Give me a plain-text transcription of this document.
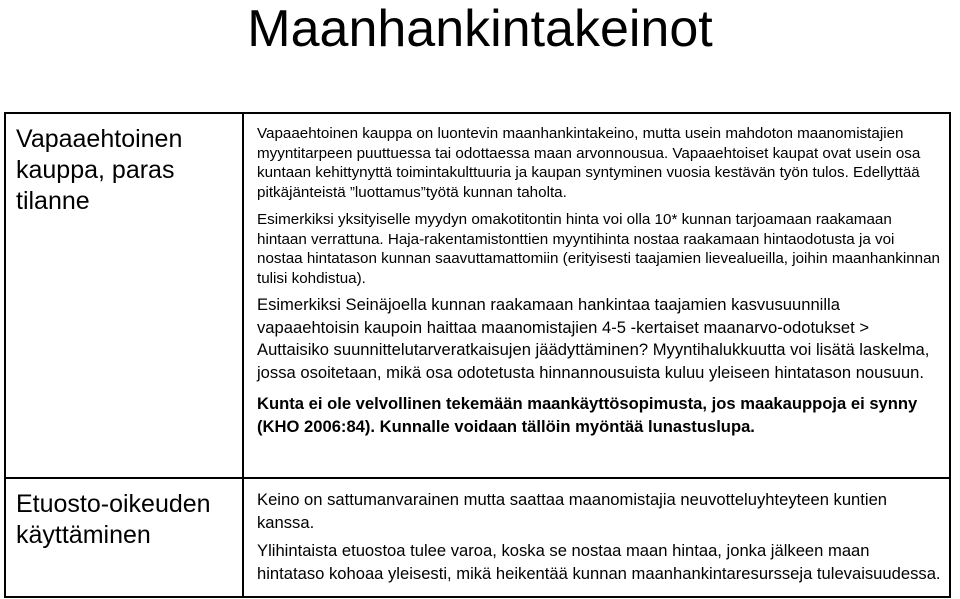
Maanhankintakeinot
Vapaaehtoinen kauppa, paras tilanne	Vapaaehtoinen kauppa on luontevin maanhankintakeino, mutta usein mahdoton maanomistajien myyntitarpeen puuttuessa tai odottaessa maan arvonnousua. Vapaaehtoiset kaupat ovat usein osa kuntaan kehittynyttä toimintakulttuuria ja kaupan syntyminen vuosia kestävän työn tulos. Edellyttää pitkäjänteistä ”luottamus”työtä kunnan taholta.

Esimerkiksi yksityiselle myydyn omakotitontin hinta voi olla 10* kunnan tarjoamaan raakamaan hintaan verrattuna. Haja-rakentamistonttien myyntihinta nostaa raakamaan hintaodotusta ja voi nostaa hintatason kunnan saavuttamattomiin (erityisesti taajamien lievealueilla, joihin maanhankinnan tulisi kohdistua).

Esimerkiksi Seinäjoella kunnan raakamaan hankintaa taajamien kasvusuunnilla vapaaehtoisin kaupoin haittaa maanomistajien 4-5 -kertaiset maanarvo-odotukset > Auttaisiko suunnittelutarveratkaisujen jäädyttäminen? Myyntihalukkuutta voi lisätä laskelma, jossa osoitetaan, mikä osa odotetusta hinnannousuista kuluu yleiseen hintatason nousuun.

Kunta ei ole velvollinen tekemään maankäyttösopimusta, jos maakauppoja ei synny (KHO 2006:84). Kunnalle voidaan tällöin myöntää lunastuslupa.

Etuosto-oikeuden käyttäminen	Keino on sattumanvarainen mutta saattaa maanomistajia neuvotteluyhteyteen kuntien kanssa.

Ylihintaista etuostoa tulee varoa, koska se nostaa maan hintaa, jonka jälkeen maan hintataso kohoaa yleisesti, mikä heikentää kunnan maanhankintaresursseja tulevaisuudessa.
